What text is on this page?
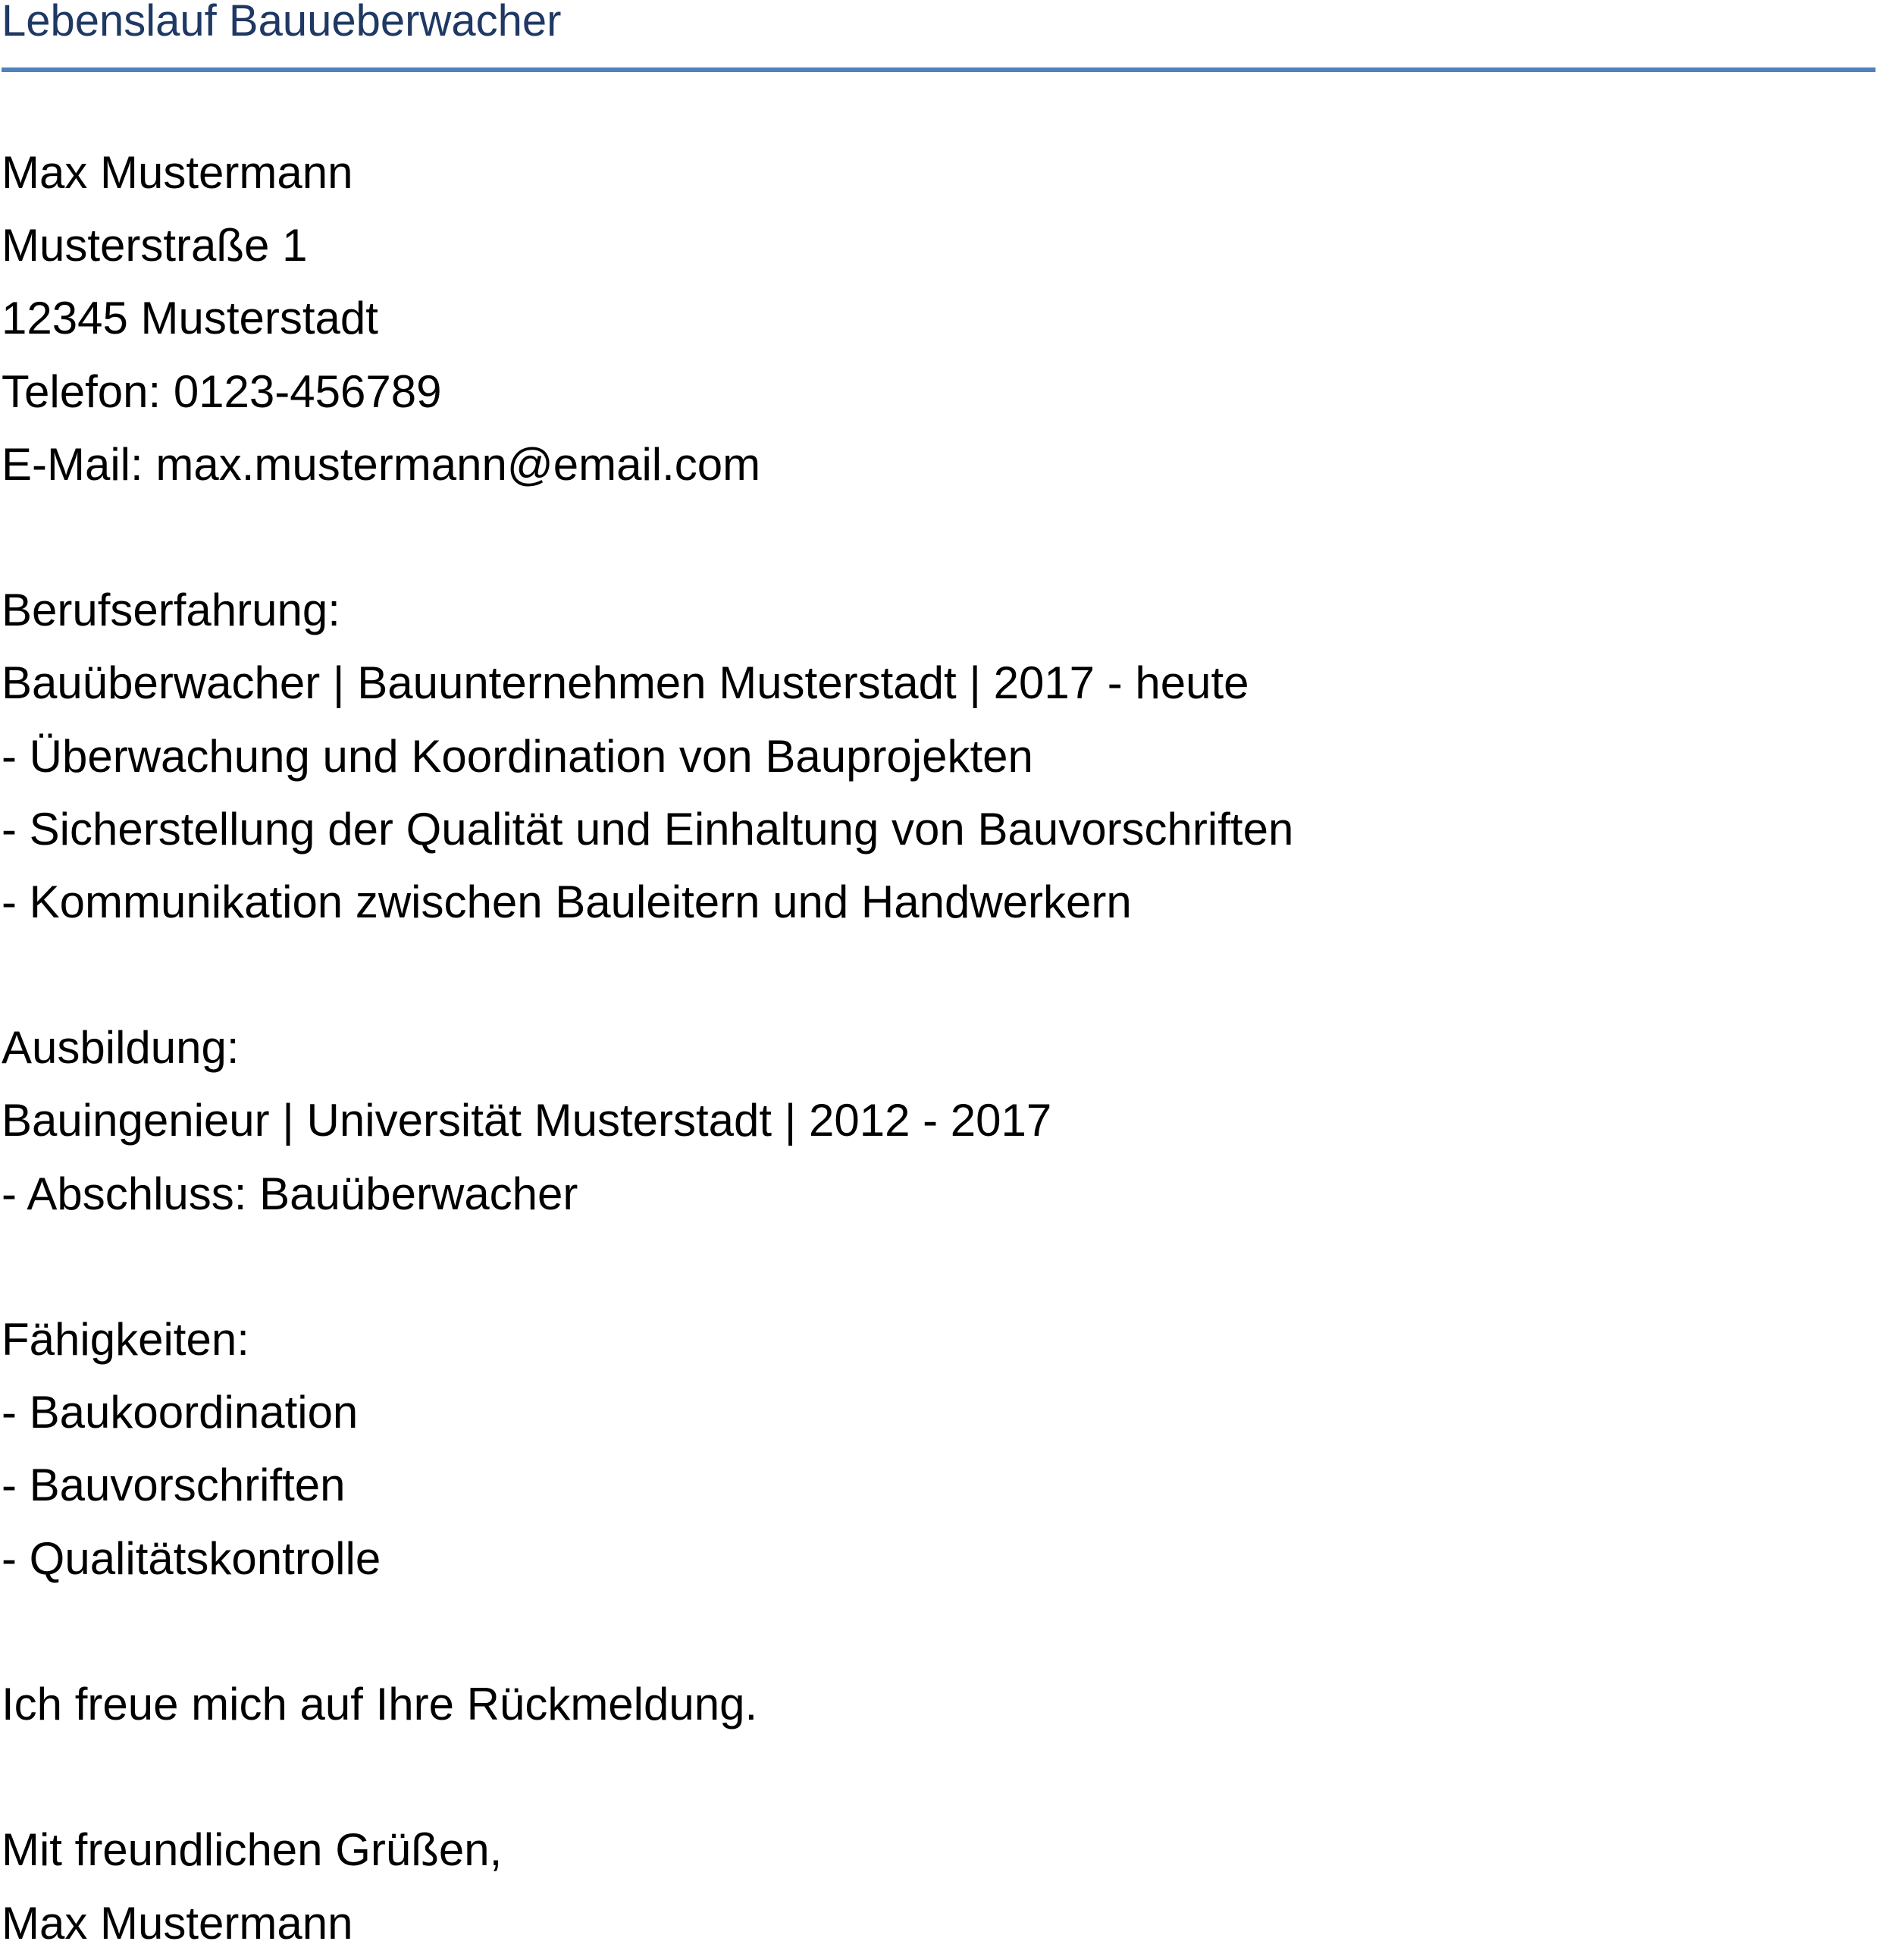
Lebenslauf Bauueberwacher
Max Mustermann
Musterstraße 1
12345 Musterstadt
Telefon: 0123-456789
E-Mail: max.mustermann@email.com
Berufserfahrung:
Bauüberwacher | Bauunternehmen Musterstadt | 2017 - heute
- Überwachung und Koordination von Bauprojekten
- Sicherstellung der Qualität und Einhaltung von Bauvorschriften
- Kommunikation zwischen Bauleitern und Handwerkern
Ausbildung:
Bauingenieur | Universität Musterstadt | 2012 - 2017
- Abschluss: Bauüberwacher
Fähigkeiten:
- Baukoordination
- Bauvorschriften
- Qualitätskontrolle
Ich freue mich auf Ihre Rückmeldung.
Mit freundlichen Grüßen,
Max Mustermann
